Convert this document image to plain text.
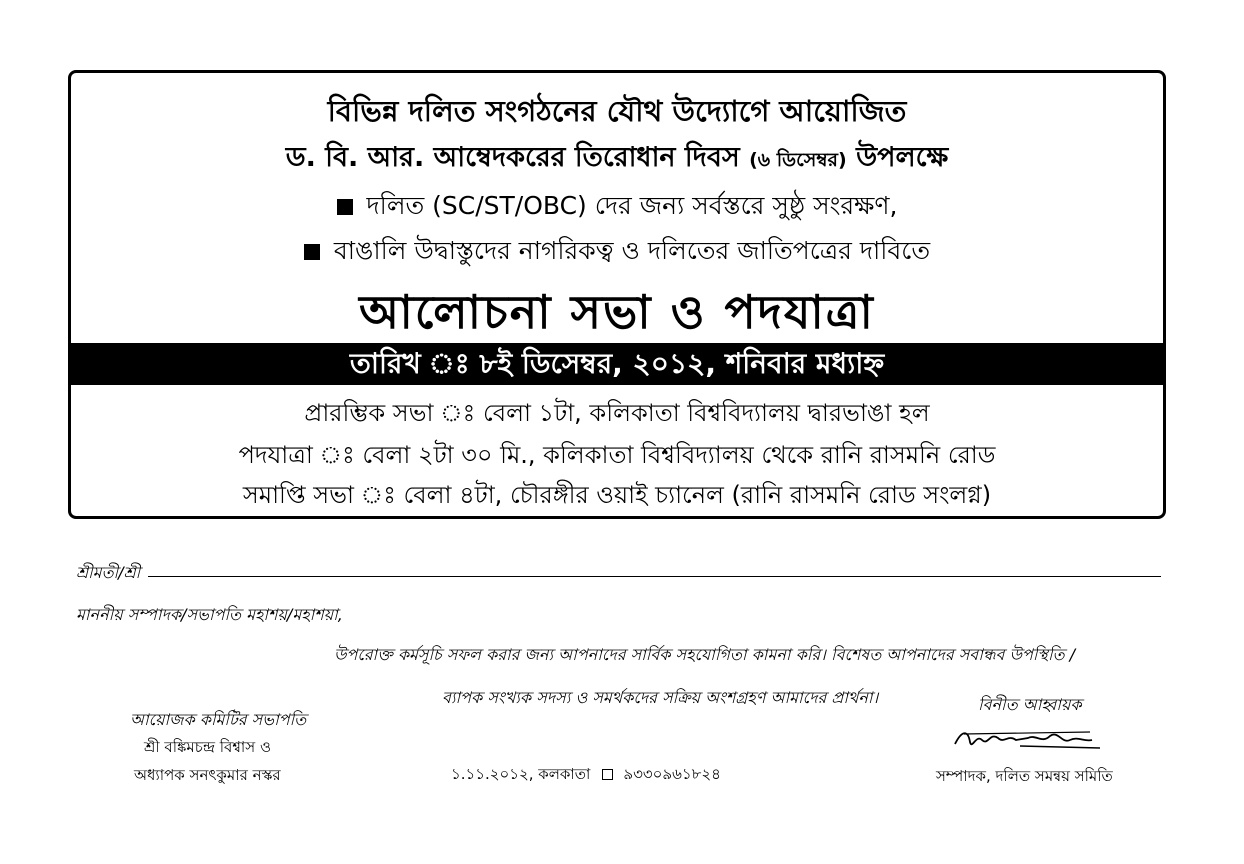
বিভিন্ন দলিত সংগঠনের যৌথ উদ্যোগে আয়োজিত
ড. বি. আর. আম্বেদকরের তিরোধান দিবস (৬ ডিসেম্বর) উপলক্ষে
দলিত (SC/ST/OBC) দের জন্য সর্বস্তরে সুষ্ঠু সংরক্ষণ,
বাঙালি উদ্বাস্তুদের নাগরিকত্ব ও দলিতের জাতিপত্রের দাবিতে
আলোচনা সভা ও পদযাত্রা
তারিখ ঃ ৮ই ডিসেম্বর, ২০১২, শনিবার মধ্যাহ্ন
প্রারম্ভিক সভা ঃ বেলা ১টা, কলিকাতা বিশ্ববিদ্যালয় দ্বারভাঙা হল
পদযাত্রা ঃ বেলা ২টা ৩০ মি., কলিকাতা বিশ্ববিদ্যালয় থেকে রানি রাসমনি রোড
সমাপ্তি সভা ঃ বেলা ৪টা, চৌরঙ্গীর ওয়াই চ্যানেল (রানি রাসমনি রোড সংলগ্ন)
শ্রীমতী/শ্রী
মাননীয় সম্পাদক/সভাপতি মহাশয়/মহাশয়া,
উপরোক্ত কর্মসূচি সফল করার জন্য আপনাদের সার্বিক সহযোগিতা কামনা করি। বিশেষত আপনাদের সবান্ধব উপস্থিতি /
ব্যাপক সংখ্যক সদস্য ও সমর্থকদের সক্রিয় অংশগ্রহণ আমাদের প্রার্থনা।	বিনীত আহ্বায়ক
আয়োজক কমিটির সভাপতি
শ্রী বঙ্কিমচন্দ্র বিশ্বাস ও
অধ্যাপক সনৎকুমার নস্কর	১.১১.২০১২, কলকাতা ৯৩৩০৯৬১৮২৪	সম্পাদক, দলিত সমন্বয় সমিতি
